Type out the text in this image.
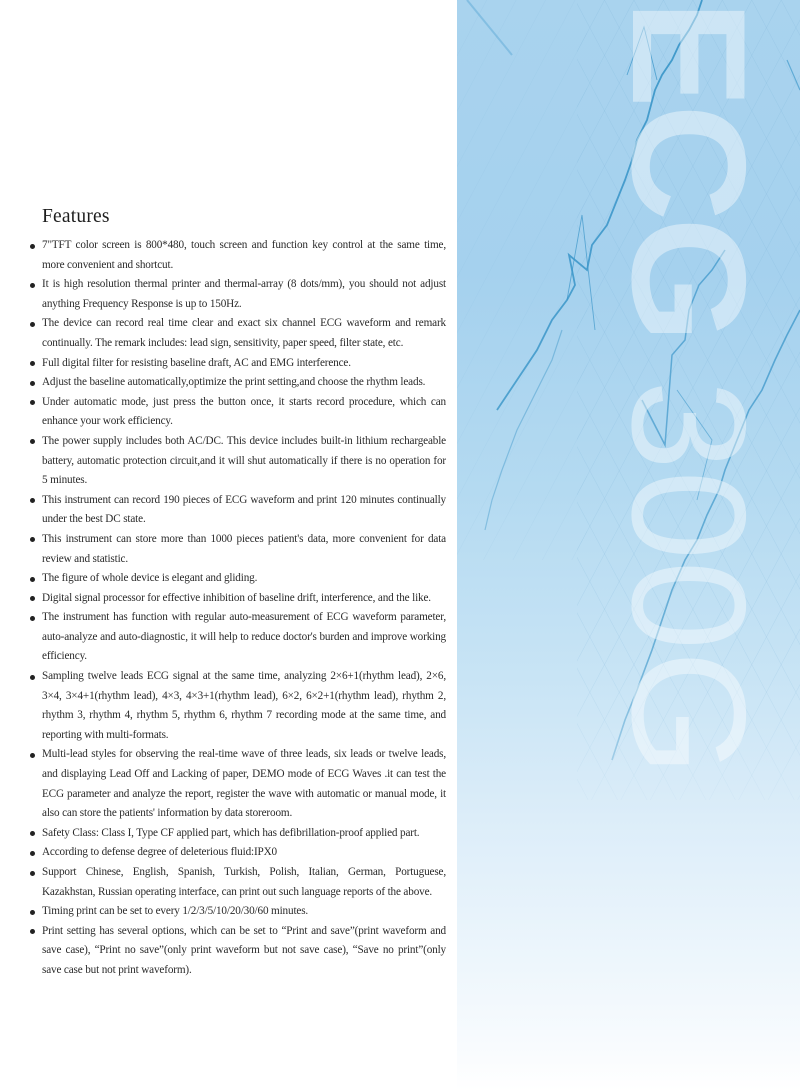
Features
7"TFT color screen is 800*480, touch screen and function key control at the same time, more convenient and shortcut.
It is high resolution thermal printer and thermal-array (8 dots/mm), you should not adjust anything Frequency Response is up to 150Hz.
The device can record real time clear and exact six channel ECG waveform and remark continually. The remark includes: lead sign, sensitivity, paper speed, filter state, etc.
Full digital filter for resisting baseline draft, AC and EMG interference.
Adjust the baseline automatically,optimize the print setting,and choose the rhythm leads.
Under automatic mode, just press the button once, it starts record procedure, which can enhance your work efficiency.
The power supply includes both AC/DC. This device includes built-in lithium rechargeable battery, automatic protection circuit,and it will shut automatically if there is no operation for 5 minutes.
This instrument can record 190 pieces of ECG waveform and print 120 minutes continually under the best DC state.
This instrument can store more than 1000 pieces patient's data, more convenient for data review and statistic.
The figure of whole device is elegant and gliding.
Digital signal processor for effective inhibition of baseline drift, interference, and the like.
The instrument has function with regular auto-measurement of ECG waveform parameter, auto-analyze and auto-diagnostic, it will help to reduce doctor's burden and improve working efficiency.
Sampling twelve leads ECG signal at the same time, analyzing 2×6+1(rhythm lead), 2×6, 3×4, 3×4+1(rhythm lead), 4×3, 4×3+1(rhythm lead), 6×2, 6×2+1(rhythm lead), rhythm 2, rhythm 3, rhythm 4, rhythm 5, rhythm 6, rhythm 7 recording mode at the same time, and reporting with multi-formats.
Multi-lead styles for observing the real-time wave of three leads, six leads or twelve leads, and displaying Lead Off and Lacking of paper, DEMO mode of ECG Waves .it can test the ECG parameter and analyze the report, register the wave with automatic or manual mode, it also can store the patients' information by data storeroom.
Safety Class: Class I, Type CF applied part, which has defibrillation-proof applied part.
According to defense degree of deleterious fluid:IPX0
Support Chinese, English, Spanish, Turkish, Polish, Italian, German, Portuguese, Kazakhstan, Russian operating interface, can print out such language reports of the above.
Timing print can be set to every 1/2/3/5/10/20/30/60 minutes.
Print setting has several options, which can be set to “Print and save”(print waveform and save case), “Print no save”(only print waveform but not save case), “Save no print”(only save case but not print waveform).
ECG 300G
